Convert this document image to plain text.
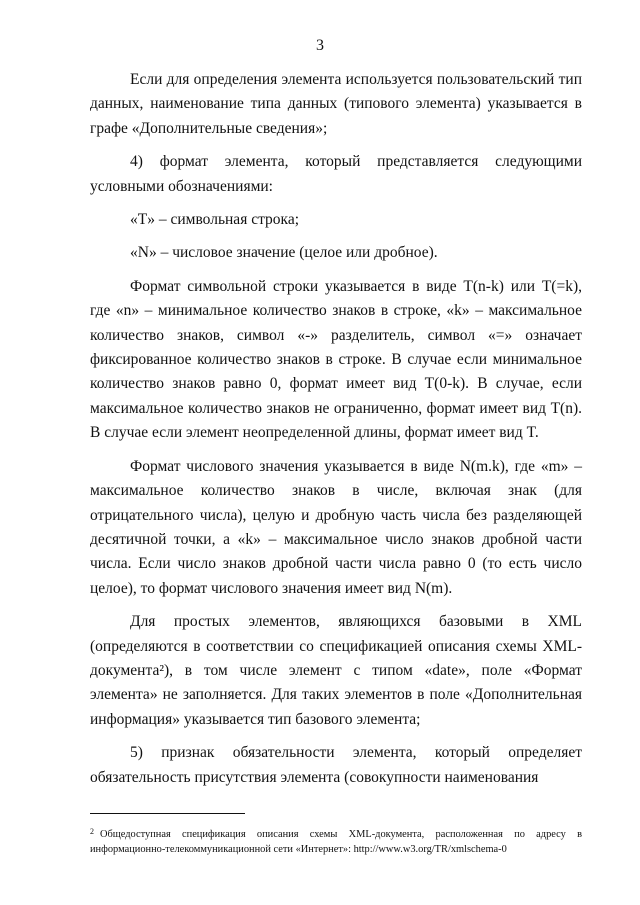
3

Если для определения элемента используется пользовательский тип данных, наименование типа данных (типового элемента) указывается в графе «Дополнительные сведения»;

4) формат элемента, который представляется следующими условными обозначениями:

«T» – символьная строка;

«N» – числовое значение (целое или дробное).

Формат символьной строки указывается в виде T(n-k) или T(=k), где «n» – минимальное количество знаков в строке, «k» – максимальное количество знаков, символ «-» разделитель, символ «=» означает фиксированное количество знаков в строке. В случае если минимальное количество знаков равно 0, формат имеет вид T(0-k). В случае, если максимальное количество знаков не ограниченно, формат имеет вид T(n). В случае если элемент неопределенной длины, формат имеет вид T.

Формат числового значения указывается в виде N(m.k), где «m» – максимальное количество знаков в числе, включая знак (для отрицательного числа), целую и дробную часть числа без разделяющей десятичной точки, а «k» – максимальное число знаков дробной части числа. Если число знаков дробной части числа равно 0 (то есть число целое), то формат числового значения имеет вид N(m).

Для простых элементов, являющихся базовыми в XML (определяются в соответствии со спецификацией описания схемы XML-документа²), в том числе элемент с типом «date», поле «Формат элемента» не заполняется. Для таких элементов в поле «Дополнительная информация» указывается тип базового элемента;

5) признак обязательности элемента, который определяет обязательность присутствия элемента (совокупности наименования

$^2$ Общедоступная спецификация описания схемы XML-документа, расположенная по адресу в информационно-телекоммуникационной сети «Интернет»: http://www.w3.org/TR/xmlschema-0
